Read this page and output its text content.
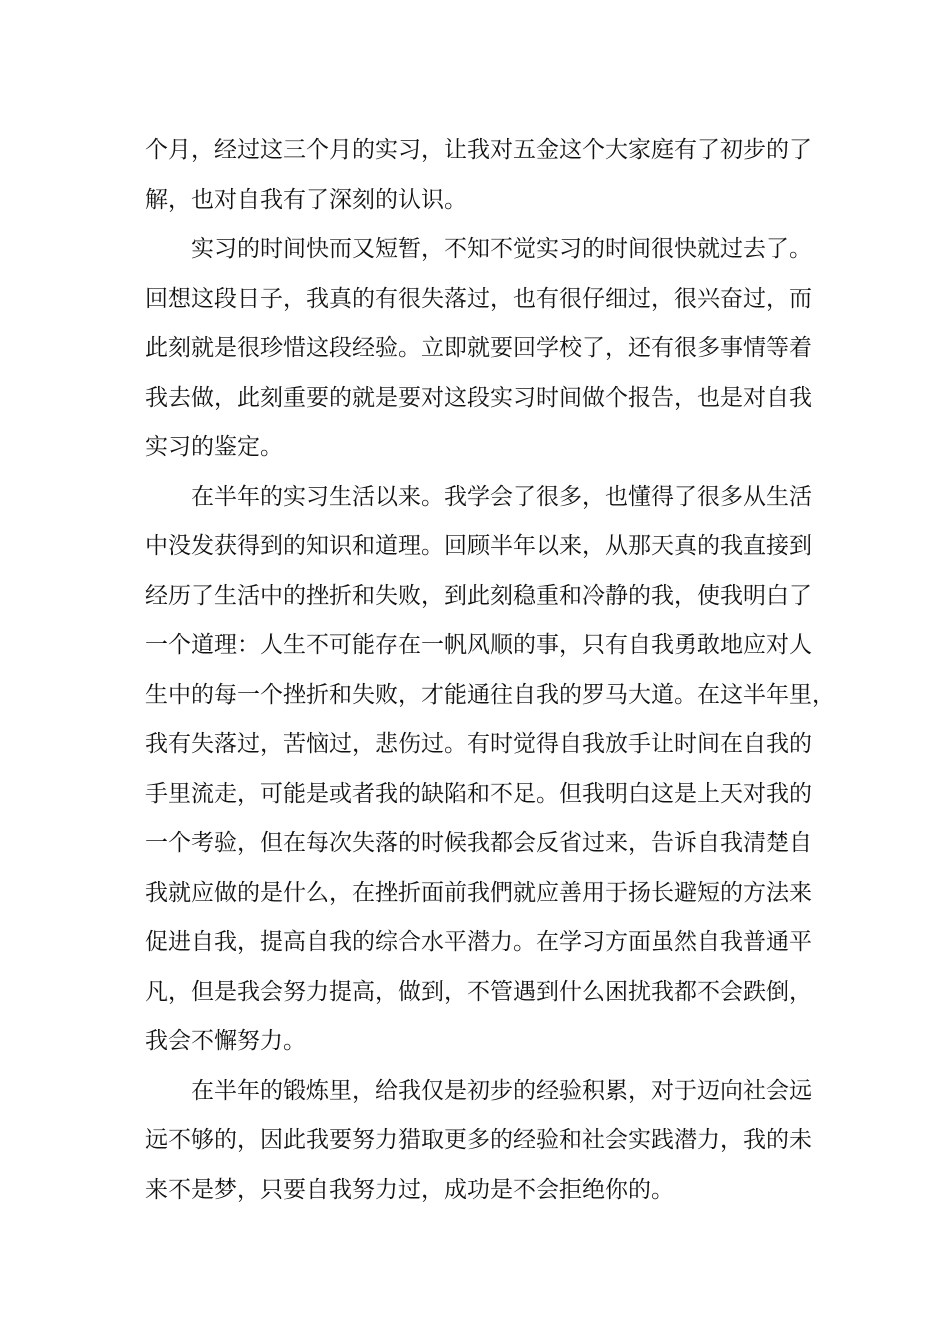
个月，经过这三个月的实习，让我对五金这个大家庭有了初步的了
解，也对自我有了深刻的认识。
实习的时间快而又短暂，不知不觉实习的时间很快就过去了。
回想这段日子，我真的有很失落过，也有很仔细过，很兴奋过，而
此刻就是很珍惜这段经验。立即就要回学校了，还有很多事情等着
我去做，此刻重要的就是要对这段实习时间做个报告，也是对自我
实习的鉴定。
在半年的实习生活以来。我学会了很多，也懂得了很多从生活
中没发获得到的知识和道理。回顾半年以来，从那天真的我直接到
经历了生活中的挫折和失败，到此刻稳重和冷静的我，使我明白了
一个道理：人生不可能存在一帆风顺的事，只有自我勇敢地应对人
生中的每一个挫折和失败，才能通往自我的罗马大道。在这半年里，
我有失落过，苦恼过，悲伤过。有时觉得自我放手让时间在自我的
手里流走，可能是或者我的缺陷和不足。但我明白这是上天对我的
一个考验，但在每次失落的时候我都会反省过来，告诉自我清楚自
我就应做的是什么，在挫折面前我們就应善用于扬长避短的方法来
促进自我，提高自我的综合水平潜力。在学习方面虽然自我普通平
凡，但是我会努力提高，做到，不管遇到什么困扰我都不会跌倒，
我会不懈努力。
在半年的锻炼里，给我仅是初步的经验积累，对于迈向社会远
远不够的，因此我要努力猎取更多的经验和社会实践潜力，我的未
来不是梦，只要自我努力过，成功是不会拒绝你的。
